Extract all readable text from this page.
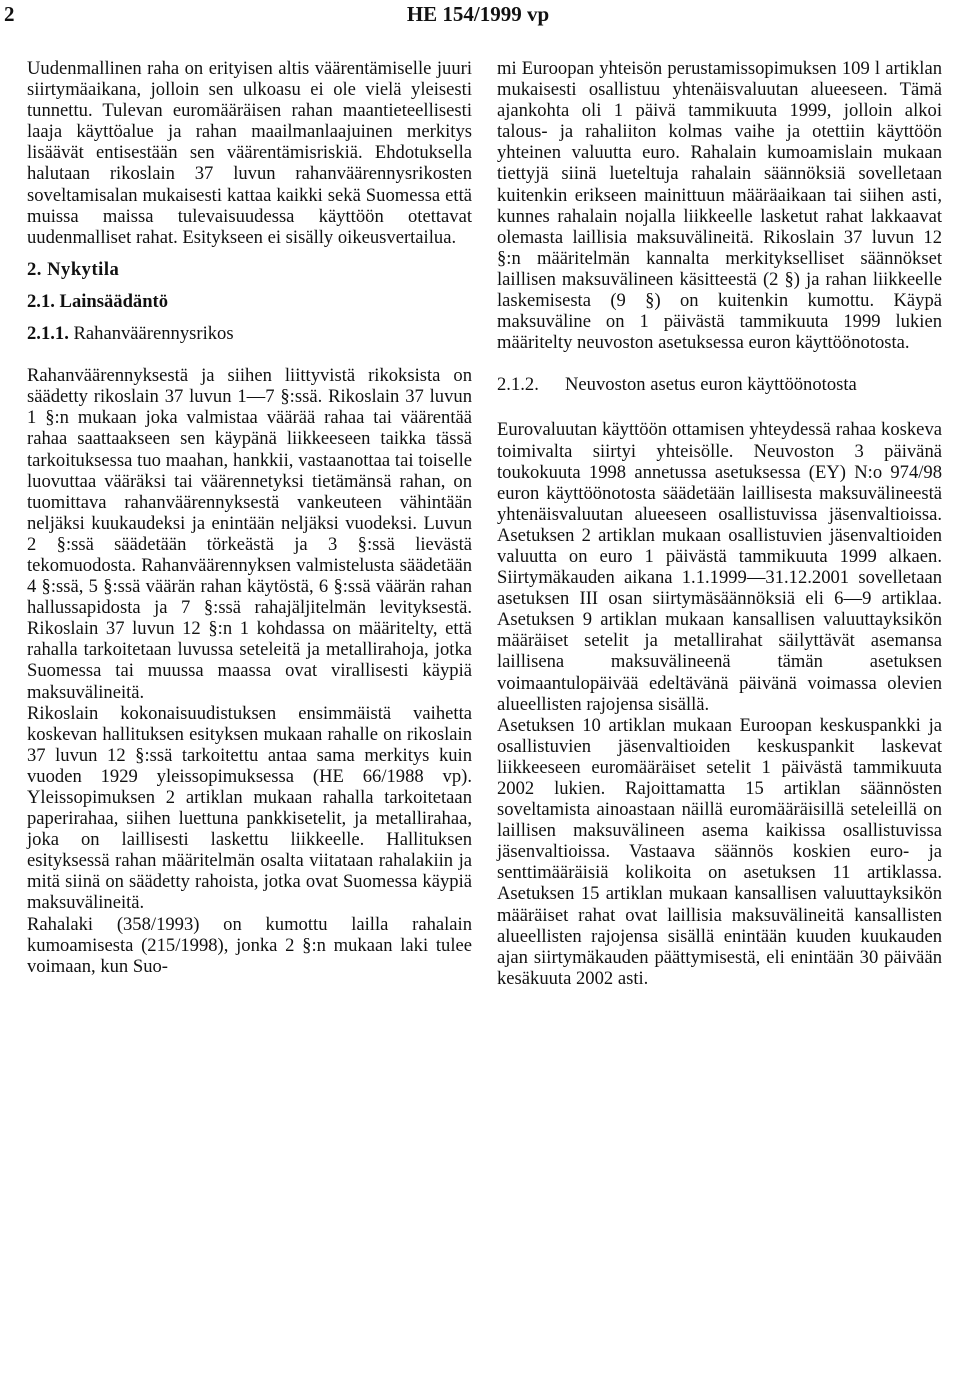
2	HE 154/1999 vp

Uudenmallinen raha on erityisen altis väärentämiselle juuri siirtymäaikana, jolloin sen ulkoasu ei ole vielä yleisesti tunnettu. Tulevan euromääräisen rahan maantieteellisesti laaja käyttöalue ja rahan maailmanlaajuinen merkitys lisäävät entisestään sen väärentämisriskiä. Ehdotuksella halutaan rikoslain 37 luvun rahanväärennysrikosten soveltamisalan mukaisesti kattaa kaikki sekä Suomessa että muissa maissa tulevaisuudessa käyttöön otettavat uudenmalliset rahat. Esitykseen ei sisälly oikeusvertailua.

2. Nykytila
2.1. Lainsäädäntö
2.1.1. Rahanväärennysrikos

Rahanväärennyksestä ja siihen liittyvistä rikoksista on säädetty rikoslain 37 luvun 1—7 §:ssä. Rikoslain 37 luvun 1 §:n mukaan joka valmistaa väärää rahaa tai väärentää rahaa saattaakseen sen käypänä liikkeeseen taikka tässä tarkoituksessa tuo maahan, hankkii, vastaanottaa tai toiselle luovuttaa vääräksi tai väärennetyksi tietämänsä rahan, on tuomittava rahanväärennyksestä vankeuteen vähintään neljäksi kuukaudeksi ja enintään neljäksi vuodeksi. Luvun 2 §:ssä säädetään törkeästä ja 3 §:ssä lievästä tekomuodosta. Rahanväärennyksen valmistelusta säädetään 4 §:ssä, 5 §:ssä väärän rahan käytöstä, 6 §:ssä väärän rahan hallussapidosta ja 7 §:ssä rahajäljitelmän levityksestä. Rikoslain 37 luvun 12 §:n 1 kohdassa on määritelty, että rahalla tarkoitetaan luvussa seteleitä ja metallirahoja, jotka Suomessa tai muussa maassa ovat virallisesti käypiä maksuvälineitä.

Rikoslain kokonaisuudistuksen ensimmäistä vaihetta koskevan hallituksen esityksen mukaan rahalle on rikoslain 37 luvun 12 §:ssä tarkoitettu antaa sama merkitys kuin vuoden 1929 yleissopimuksessa (HE 66/1988 vp). Yleissopimuksen 2 artiklan mukaan rahalla tarkoitetaan paperirahaa, siihen luettuna pankkisetelit, ja metallirahaa, joka on laillisesti laskettu liikkeelle. Hallituksen esityksessä rahan määritelmän osalta viitataan rahalakiin ja mitä siinä on säädetty rahoista, jotka ovat Suomessa käypiä maksuvälineitä.

Rahalaki (358/1993) on kumottu lailla rahalain kumoamisesta (215/1998), jonka 2 §:n mukaan laki tulee voimaan, kun Suo-

mi Euroopan yhteisön perustamissopimuksen 109 l artiklan mukaisesti osallistuu yhtenäisvaluutan alueeseen. Tämä ajankohta oli 1 päivä tammikuuta 1999, jolloin alkoi talous- ja rahaliiton kolmas vaihe ja otettiin käyttöön yhteinen valuutta euro. Rahalain kumoamislain mukaan tiettyjä siinä lueteltuja rahalain säännöksiä sovelletaan kuitenkin erikseen mainittuun määräaikaan tai siihen asti, kunnes rahalain nojalla liikkeelle lasketut rahat lakkaavat olemasta laillisia maksuvälineitä. Rikoslain 37 luvun 12 §:n määritelmän kannalta merkitykselliset säännökset laillisen maksuvälineen käsitteestä (2 §) ja rahan liikkeelle laskemisesta (9 §) on kuitenkin kumottu. Käypä maksuväline on 1 päivästä tammikuuta 1999 lukien määritelty neuvoston asetuksessa euron käyttöönotosta.

2.1.2.	Neuvoston asetus euron käyttöönotosta

Eurovaluutan käyttöön ottamisen yhteydessä rahaa koskeva toimivalta siirtyi yhteisölle. Neuvoston 3 päivänä toukokuuta 1998 annetussa asetuksessa (EY) N:o 974/98 euron käyttöönotosta säädetään laillisesta maksuvälineestä yhtenäisvaluutan alueeseen osallistuvissa jäsenvaltioissa. Asetuksen 2 artiklan mukaan osallistuvien jäsenvaltioiden valuutta on euro 1 päivästä tammikuuta 1999 alkaen. Siirtymäkauden aikana 1.1.1999—31.12.2001 sovelletaan asetuksen III osan siirtymäsäännöksiä eli 6—9 artiklaa. Asetuksen 9 artiklan mukaan kansallisen valuuttayksikön määräiset setelit ja metallirahat säilyttävät asemansa laillisena maksuvälineenä tämän asetuksen voimaantulopäivää edeltävänä päivänä voimassa olevien alueellisten rajojensa sisällä.

Asetuksen 10 artiklan mukaan Euroopan keskuspankki ja osallistuvien jäsenvaltioiden keskuspankit laskevat liikkeeseen euromääräiset setelit 1 päivästä tammikuuta 2002 lukien. Rajoittamatta 15 artiklan säännösten soveltamista ainoastaan näillä euromääräisillä seteleillä on laillisen maksuvälineen asema kaikissa osallistuvissa jäsenvaltioissa. Vastaava säännös koskien euro- ja senttimääräisiä kolikoita on asetuksen 11 artiklassa. Asetuksen 15 artiklan mukaan kansallisen valuuttayksikön määräiset rahat ovat laillisia maksuvälineitä kansallisten alueellisten rajojensa sisällä enintään kuuden kuukauden ajan siirtymäkauden päättymisestä, eli enintään 30 päivään kesäkuuta 2002 asti.
